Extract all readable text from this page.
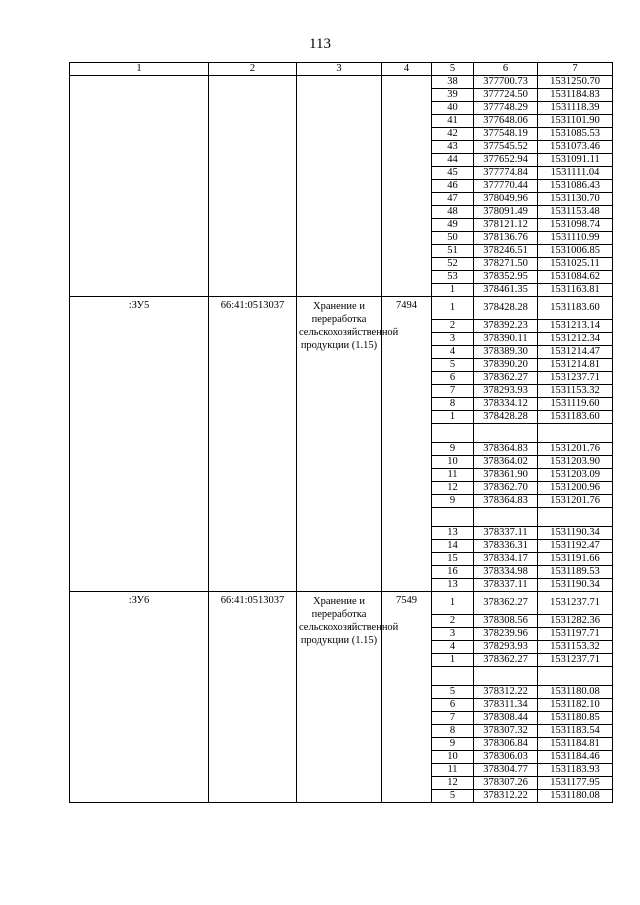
113
1	2	3	4	5	6	7
				38	377700.73	1531250.70
				39	377724.50	1531184.83
				40	377748.29	1531118.39
				41	377648.06	1531101.90
				42	377548.19	1531085.53
				43	377545.52	1531073.46
				44	377652.94	1531091.11
				45	377774.84	1531111.04
				46	377770.44	1531086.43
				47	378049.96	1531130.70
				48	378091.49	1531153.48
				49	378121.12	1531098.74
				50	378136.76	1531110.99
				51	378246.51	1531006.85
				52	378271.50	1531025.11
				53	378352.95	1531084.62
				1	378461.35	1531163.81
:ЗУ5	66:41:0513037	Хранение и переработка сельскохозяйственной продукции (1.15)	7494	1	378428.28	1531183.60
				2	378392.23	1531213.14
				3	378390.11	1531212.34
				4	378389.30	1531214.47
				5	378390.20	1531214.81
				6	378362.27	1531237.71
				7	378293.93	1531153.32
				8	378334.12	1531119.60
				1	378428.28	1531183.60

				9	378364.83	1531201.76
				10	378364.02	1531203.90
				11	378361.90	1531203.09
				12	378362.70	1531200.96
				9	378364.83	1531201.76

				13	378337.11	1531190.34
				14	378336.31	1531192.47
				15	378334.17	1531191.66
				16	378334.98	1531189.53
				13	378337.11	1531190.34
:ЗУ6	66:41:0513037	Хранение и переработка сельскохозяйственной продукции (1.15)	7549	1	378362.27	1531237.71
				2	378308.56	1531282.36
				3	378239.96	1531197.71
				4	378293.93	1531153.32
				1	378362.27	1531237.71

				5	378312.22	1531180.08
				6	378311.34	1531182.10
				7	378308.44	1531180.85
				8	378307.32	1531183.54
				9	378306.84	1531184.81
				10	378306.03	1531184.46
				11	378304.77	1531183.93
				12	378307.26	1531177.95
				5	378312.22	1531180.08
